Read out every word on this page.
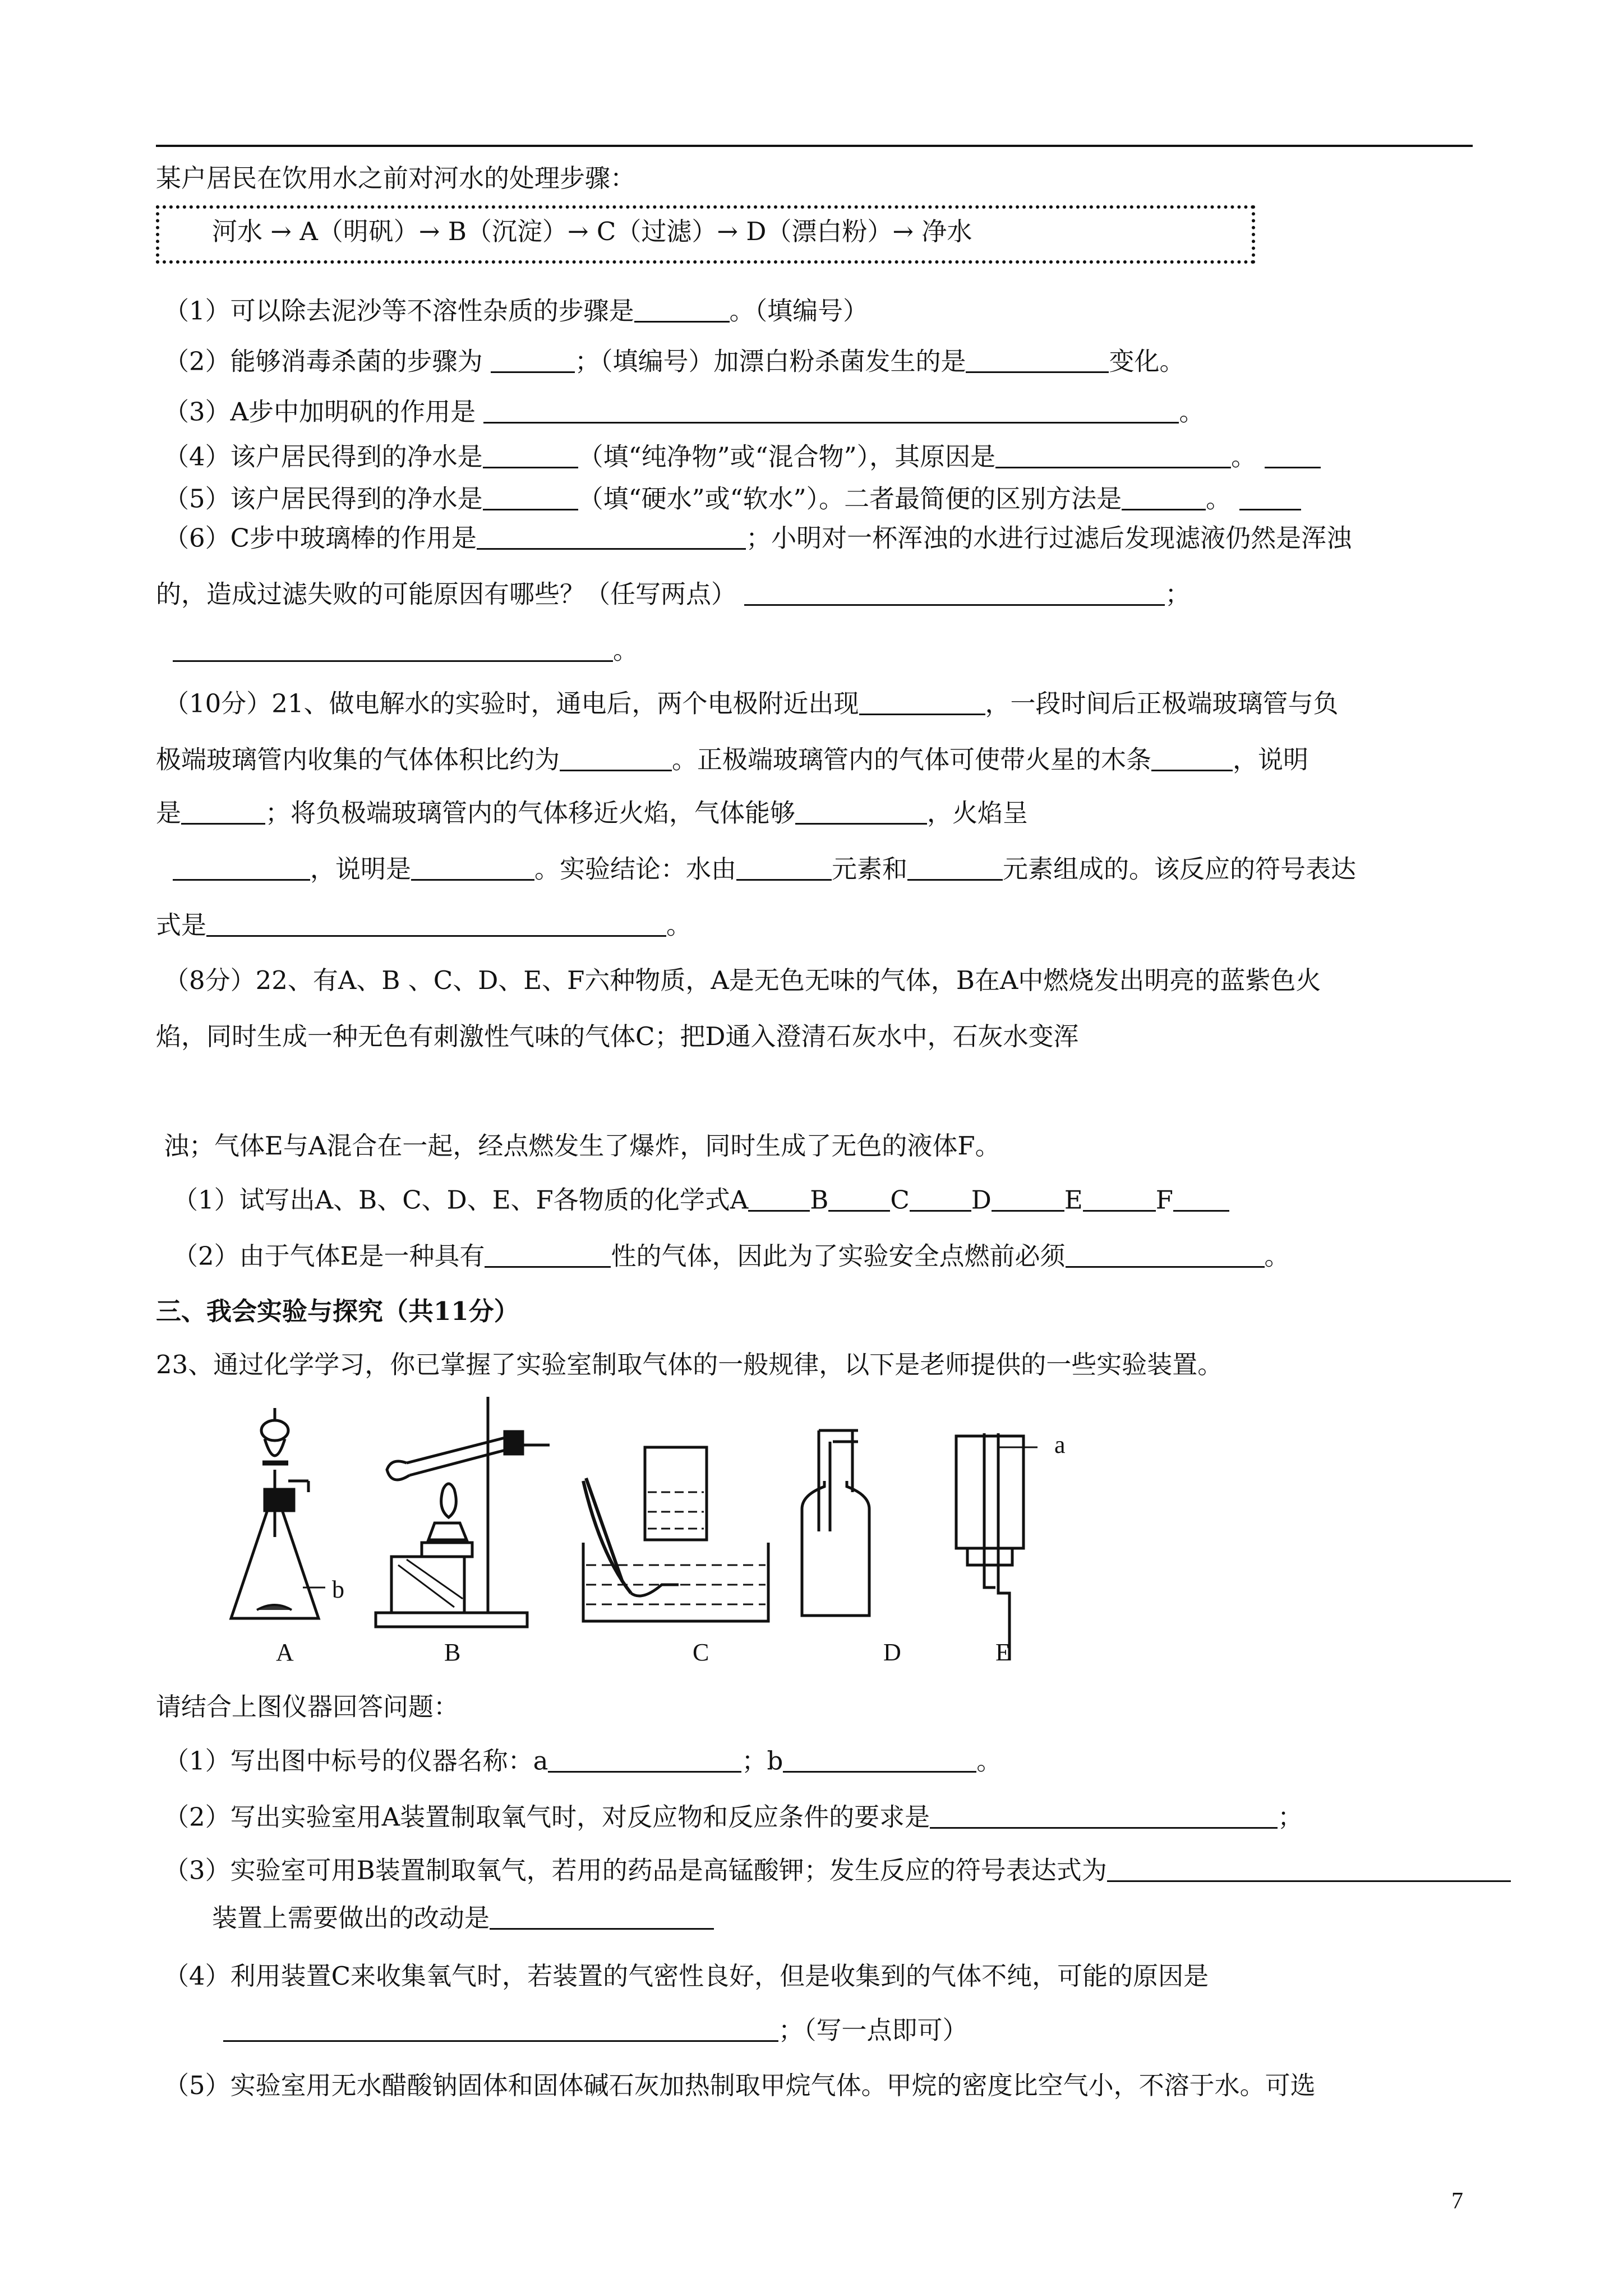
某户居民在饮用水之前对河水的处理步骤：
河水 → A（明矾）→ B（沉淀）→ C（过滤）→ D（漂白粉）→ 净水
（1）可以除去泥沙等不溶性杂质的步骤是	。（填编号）
（2）能够消毒杀菌的步骤为	；（填编号）加漂白粉杀菌发生的是	变化。
（3）A步中加明矾的作用是	。
（4）该户居民得到的净水是	（填“纯净物”或“混合物”），其原因是	。
（5）该户居民得到的净水是	（填“硬水”或“软水”）。二者最简便的区别方法是	。
（6）C步中玻璃棒的作用是	；小明对一杯浑浊的水进行过滤后发现滤液仍然是浑浊
的，造成过滤失败的可能原因有哪些？（任写两点）	；
。
（10分）21、做电解水的实验时，通电后，两个电极附近出现	，一段时间后正极端玻璃管与负
极端玻璃管内收集的气体体积比约为	。正极端玻璃管内的气体可使带火星的木条	，说明
是	；将负极端玻璃管内的气体移近火焰，气体能够	，火焰呈
，说明是	。实验结论：水由	元素和	元素组成的。该反应的符号表达
式是	。
（8分）22、有A、B 、C、D、E、F六种物质，A是无色无味的气体，B在A中燃烧发出明亮的蓝紫色火
焰，同时生成一种无色有刺激性气味的气体C；把D通入澄清石灰水中，石灰水变浑
浊；气体E与A混合在一起，经点燃发生了爆炸，同时生成了无色的液体F。
（1）试写出A、B、C、D、E、F各物质的化学式A B C D	E	F
（2）由于气体E是一种具有	性的气体，因此为了实验安全点燃前必须	。
三、我会实验与探究（共11分）
23、通过化学学习，你已掌握了实验室制取气体的一般规律，以下是老师提供的一些实验装置。
b
a
A	B	C	D	E
请结合上图仪器回答问题：
（1）写出图中标号的仪器名称：a	；b	。
（2）写出实验室用A装置制取氧气时，对反应物和反应条件的要求是	；
（3）实验室可用B装置制取氧气，若用的药品是高锰酸钾；发生反应的符号表达式为
装置上需要做出的改动是
（4）利用装置C来收集氧气时，若装置的气密性良好，但是收集到的气体不纯，可能的原因是
；（写一点即可）
（5）实验室用无水醋酸钠固体和固体碱石灰加热制取甲烷气体。甲烷的密度比空气小，不溶于水。可选
7
